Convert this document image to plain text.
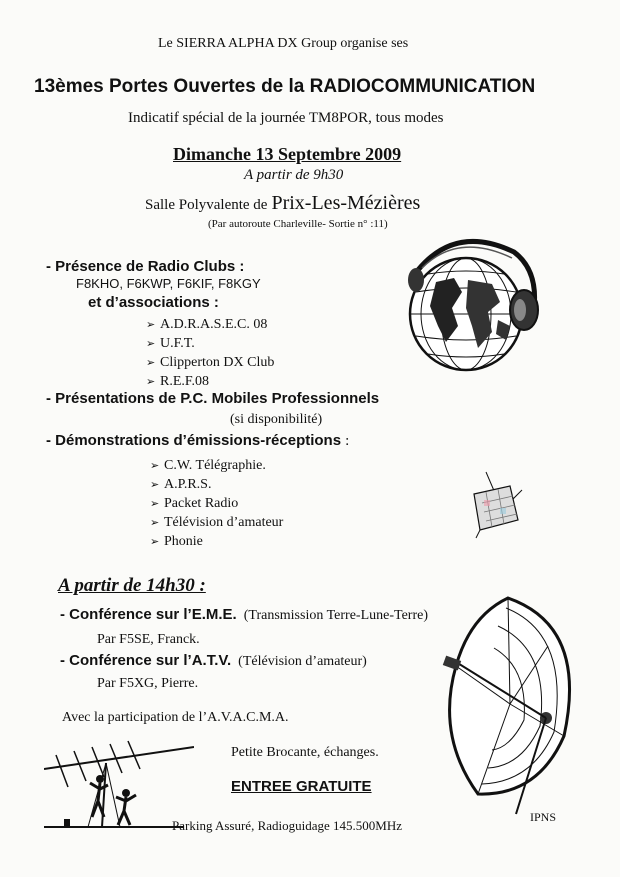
Le SIERRA ALPHA DX Group organise ses
13èmes Portes Ouvertes de la RADIOCOMMUNICATION
Indicatif spécial de la journée TM8POR, tous modes
Dimanche 13 Septembre 2009
A partir de 9h30
Salle Polyvalente de Prix-Les-Mézières
(Par autoroute Charleville- Sortie n° :11)
- Présence de Radio Clubs :
F8KHO, F6KWP, F6KIF, F8KGY
et d’associations :
➢ A.D.R.A.S.E.C. 08
➢ U.F.T.
➢ Clipperton DX Club
➢ R.E.F.08
- Présentations de P.C. Mobiles Professionnels
(si disponibilité)
- Démonstrations d’émissions-réceptions :
➢ C.W. Télégraphie.
➢ A.P.R.S.
➢ Packet Radio
➢ Télévision d’amateur
➢ Phonie
A partir de 14h30 :
- Conférence sur l’E.M.E. (Transmission Terre-Lune-Terre)
Par F5SE, Franck.
- Conférence sur l’A.T.V. (Télévision d’amateur)
Par F5XG, Pierre.
Avec la participation de l’A.V.A.C.M.A.
Petite Brocante, échanges.
ENTREE GRATUITE
Parking Assuré, Radioguidage 145.500MHz
IPNS
